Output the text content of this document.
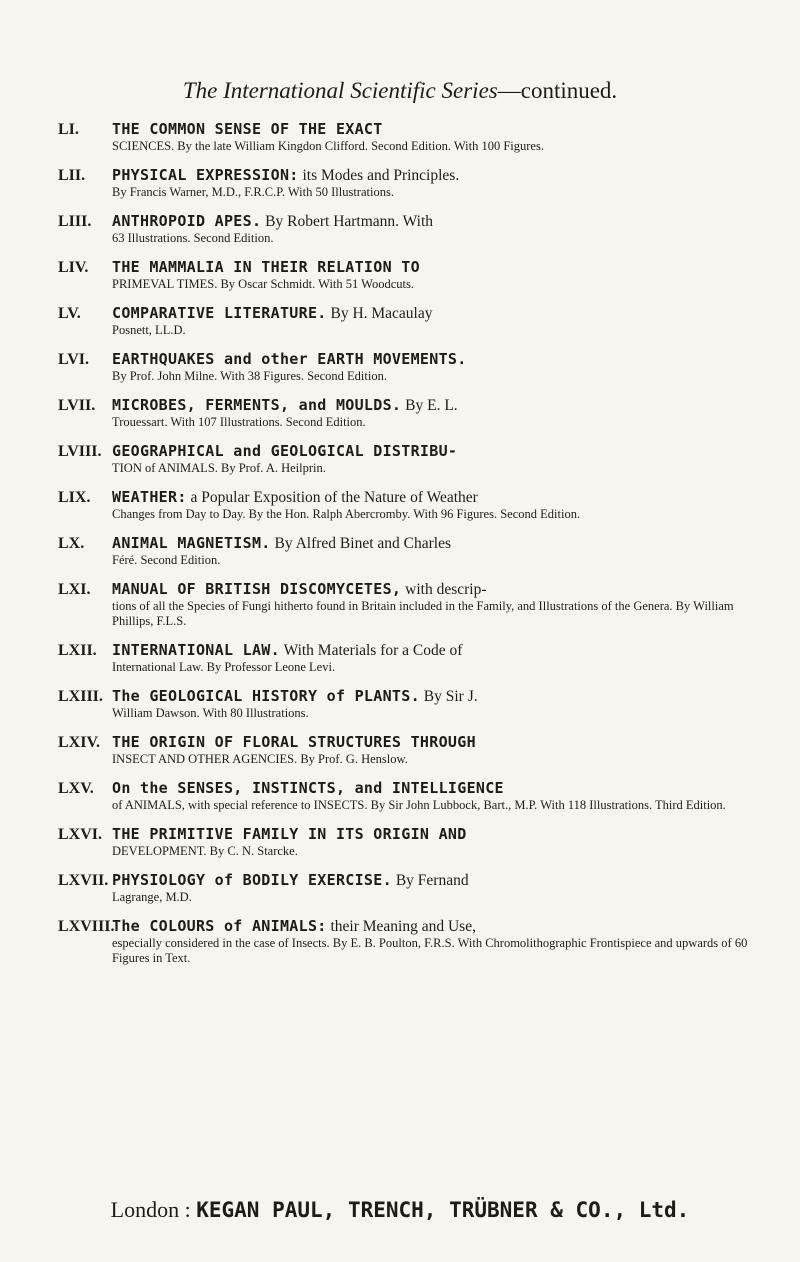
The International Scientific Series—continued.
LI.	THE COMMON SENSE OF THE EXACT
SCIENCES. By the late William Kingdon Clifford. Second Edition. With 100 Figures.
LII.	PHYSICAL EXPRESSION: its Modes and Principles.
By Francis Warner, M.D., F.R.C.P. With 50 Illustrations.
LIII.	ANTHROPOID APES. By Robert Hartmann. With
63 Illustrations. Second Edition.
LIV.	THE MAMMALIA IN THEIR RELATION TO
PRIMEVAL TIMES. By Oscar Schmidt. With 51 Woodcuts.
LV.	COMPARATIVE LITERATURE. By H. Macaulay
Posnett, LL.D.
LVI.	EARTHQUAKES and other EARTH MOVEMENTS.
By Prof. John Milne. With 38 Figures. Second Edition.
LVII.	MICROBES, FERMENTS, and MOULDS. By E. L.
Trouessart. With 107 Illustrations. Second Edition.
LVIII. GEOGRAPHICAL and GEOLOGICAL DISTRIBU-
TION of ANIMALS. By Prof. A. Heilprin.
LIX.	WEATHER: a Popular Exposition of the Nature of Weather
Changes from Day to Day. By the Hon. Ralph Abercromby. With 96 Figures. Second Edition.
LX.	ANIMAL MAGNETISM. By Alfred Binet and Charles
Féré. Second Edition.
LXI.	MANUAL OF BRITISH DISCOMYCETES, with descrip-
tions of all the Species of Fungi hitherto found in Britain included in the Family, and Illustrations of the Genera. By William Phillips, F.L.S.
LXII.	INTERNATIONAL LAW. With Materials for a Code of
International Law. By Professor Leone Levi.
LXIII. The GEOLOGICAL HISTORY of PLANTS. By Sir J.
William Dawson. With 80 Illustrations.
LXIV. THE ORIGIN OF FLORAL STRUCTURES THROUGH
INSECT AND OTHER AGENCIES. By Prof. G. Henslow.
LXV.	On the SENSES, INSTINCTS, and INTELLIGENCE
of ANIMALS, with special reference to INSECTS. By Sir John Lubbock, Bart., M.P. With 118 Illustrations. Third Edition.
LXVI. THE PRIMITIVE FAMILY IN ITS ORIGIN AND
DEVELOPMENT. By C. N. Starcke.
LXVII. PHYSIOLOGY of BODILY EXERCISE. By Fernand
Lagrange, M.D.
LXVIII.
The COLOURS of ANIMALS: their Meaning and Use,
especially considered in the case of Insects. By E. B. Poulton, F.R.S. With Chromolithographic Frontispiece and upwards of 60 Figures in Text.
London : KEGAN PAUL, TRENCH, TRÜBNER & CO., Ltd.
